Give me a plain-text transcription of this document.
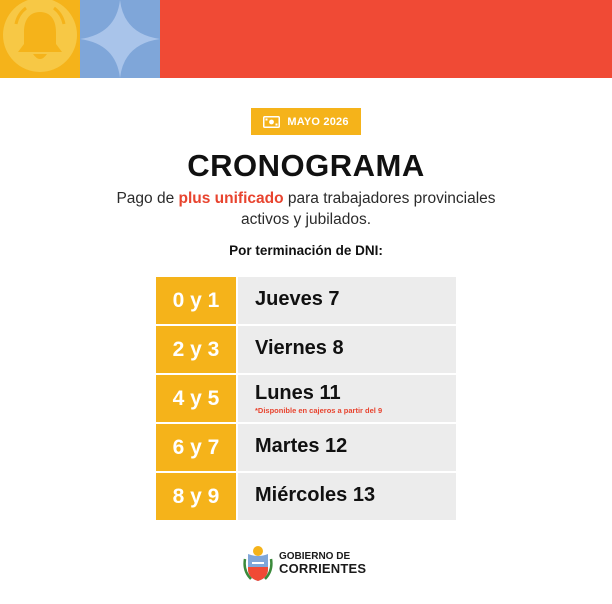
MAYO 2026
CRONOGRAMA
Pago de plus unificado para trabajadores provinciales activos y jubilados.
Por terminación de DNI:
0 y 1	Jueves 7
2 y 3	Viernes 8
4 y 5	Lunes 11
*Disponible en cajeros a partir del 9
6 y 7	Martes 12
8 y 9	Miércoles 13
GOBIERNO DE
CORRIENTES
